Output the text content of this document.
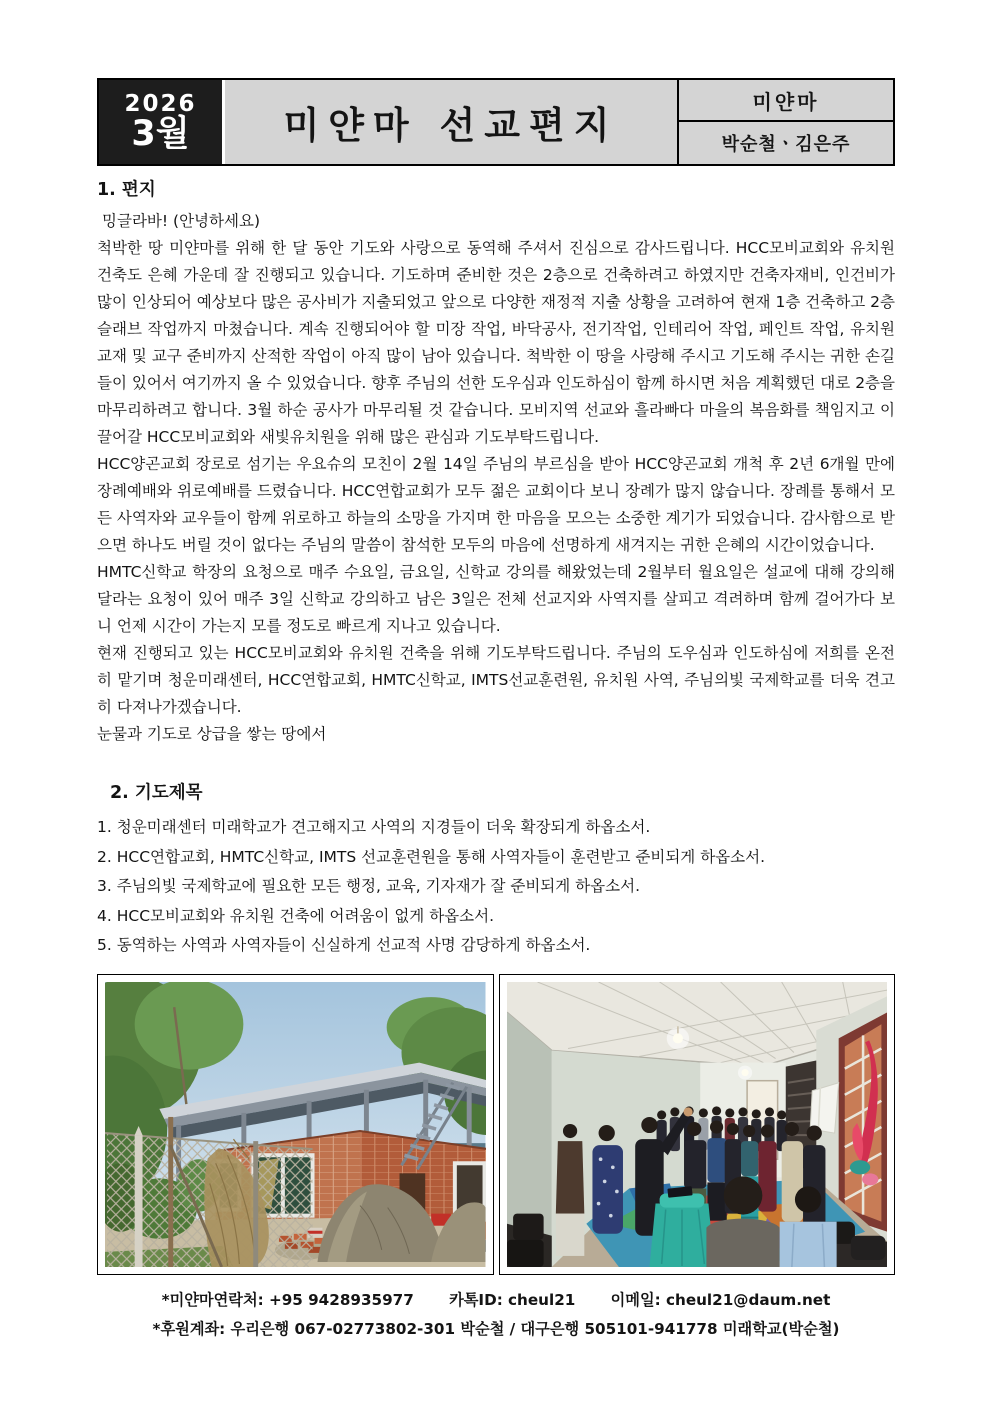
2026
3월	미얀마 선교편지
미얀마
박순철ㆍ김은주
1. 편지
밍글라바! (안녕하세요)

척박한 땅 미얀마를 위해 한 달 동안 기도와 사랑으로 동역해 주셔서 진심으로 감사드립니다. HCC모비교회와 유치원 건축도 은혜 가운데 잘 진행되고 있습니다. 기도하며 준비한 것은 2층으로 건축하려고 하였지만 건축자재비, 인건비가 많이 인상되어 예상보다 많은 공사비가 지출되었고 앞으로 다양한 재정적 지출 상황을 고려하여 현재 1층 건축하고 2층 슬래브 작업까지 마쳤습니다. 계속 진행되어야 할 미장 작업, 바닥공사, 전기작업, 인테리어 작업, 페인트 작업, 유치원 교재 및 교구 준비까지 산적한 작업이 아직 많이 남아 있습니다. 척박한 이 땅을 사랑해 주시고 기도해 주시는 귀한 손길들이 있어서 여기까지 올 수 있었습니다. 향후 주님의 선한 도우심과 인도하심이 함께 하시면 처음 계획했던 대로 2층을 마무리하려고 합니다. 3월 하순 공사가 마무리될 것 같습니다. 모비지역 선교와 흘라빠다 마을의 복음화를 책임지고 이끌어갈 HCC모비교회와 새빛유치원을 위해 많은 관심과 기도부탁드립니다.

HCC양곤교회 장로로 섬기는 우요슈의 모친이 2월 14일 주님의 부르심을 받아 HCC양곤교회 개척 후 2년 6개월 만에 장례예배와 위로예배를 드렸습니다. HCC연합교회가 모두 젊은 교회이다 보니 장례가 많지 않습니다. 장례를 통해서 모든 사역자와 교우들이 함께 위로하고 하늘의 소망을 가지며 한 마음을 모으는 소중한 계기가 되었습니다. 감사함으로 받으면 하나도 버릴 것이 없다는 주님의 말씀이 참석한 모두의 마음에 선명하게 새겨지는 귀한 은혜의 시간이었습니다.

HMTC신학교 학장의 요청으로 매주 수요일, 금요일, 신학교 강의를 해왔었는데 2월부터 월요일은 설교에 대해 강의해 달라는 요청이 있어 매주 3일 신학교 강의하고 남은 3일은 전체 선교지와 사역지를 살피고 격려하며 함께 걸어가다 보니 언제 시간이 가는지 모를 정도로 빠르게 지나고 있습니다.

현재 진행되고 있는 HCC모비교회와 유치원 건축을 위해 기도부탁드립니다. 주님의 도우심과 인도하심에 저희를 온전히 맡기며 청운미래센터, HCC연합교회, HMTC신학교, IMTS선교훈련원, 유치원 사역, 주님의빛 국제학교를 더욱 견고히 다져나가겠습니다.

눈물과 기도로 상급을 쌓는 땅에서

2. 기도제목
1. 청운미래센터 미래학교가 견고해지고 사역의 지경들이 더욱 확장되게 하옵소서.
2. HCC연합교회, HMTC신학교, IMTS 선교훈련원을 통해 사역자들이 훈련받고 준비되게 하옵소서.
3. 주님의빛 국제학교에 필요한 모든 행정, 교육, 기자재가 잘 준비되게 하옵소서.
4. HCC모비교회와 유치원 건축에 어려움이 없게 하옵소서.
5. 동역하는 사역과 사역자들이 신실하게 선교적 사명 감당하게 하옵소서.
*미얀마연락처: +95 9428935977 카톡ID: cheul21 이메일: cheul21@daum.net
*후원계좌: 우리은행 067-02773802-301 박순철 / 대구은행 505101-941778 미래학교(박순철)
